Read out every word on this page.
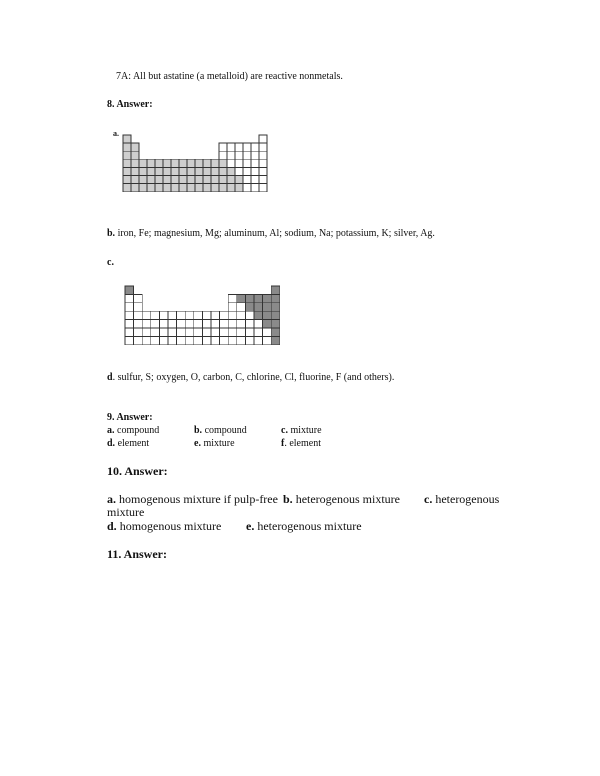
7A: All but astatine (a metalloid) are reactive nonmetals.
8. Answer:
a.
b. iron, Fe; magnesium, Mg; aluminum, Al; sodium, Na; potassium, K; silver, Ag.
c.
d. sulfur, S; oxygen, O, carbon, C, chlorine, Cl, fluorine, F (and others).
9. Answer:
a. compound	b. compound	c. mixture
d. element	e. mixture	f. element
10. Answer:
a. homogenous mixture if pulp-free b. heterogenous mixture c. heterogenous
mixture
d. homogenous mixture e. heterogenous mixture
11. Answer:
